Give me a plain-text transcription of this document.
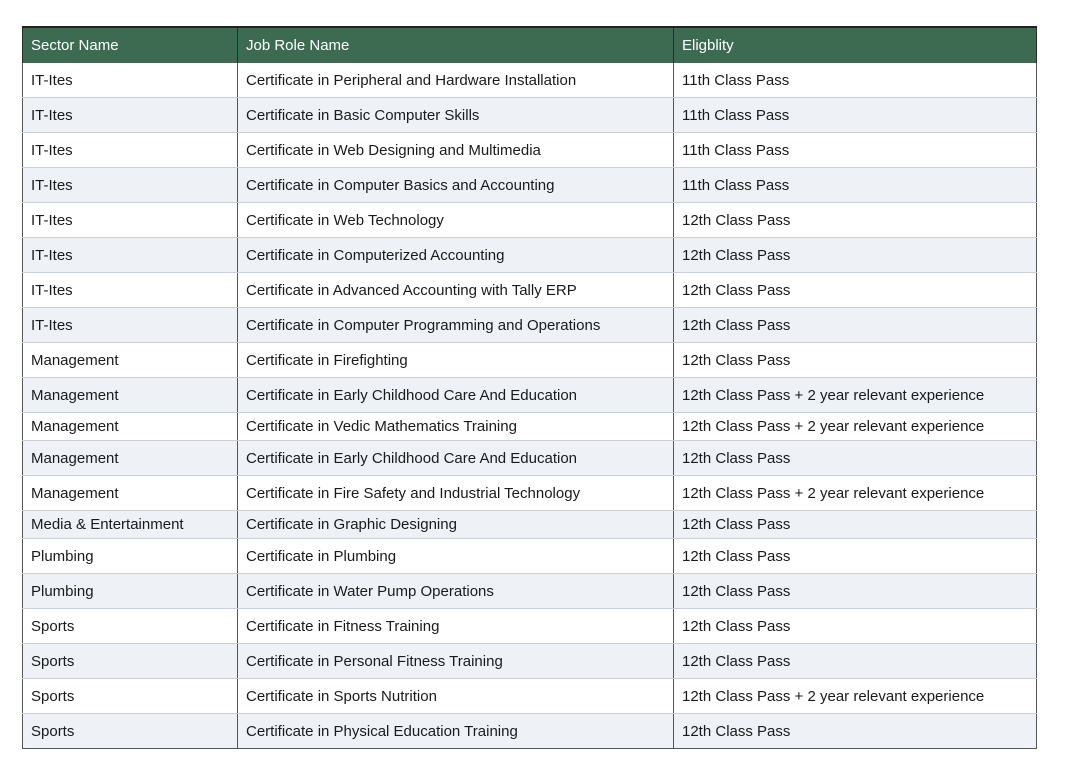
Sector Name	Job Role Name	Eligblity
IT-Ites	Certificate in Peripheral and Hardware Installation	11th Class Pass
IT-Ites	Certificate in Basic Computer Skills	11th Class Pass
IT-Ites	Certificate in Web Designing and Multimedia	11th Class Pass
IT-Ites	Certificate in Computer Basics and Accounting	11th Class Pass
IT-Ites	Certificate in Web Technology	12th Class Pass
IT-Ites	Certificate in Computerized Accounting	12th Class Pass
IT-Ites	Certificate in Advanced Accounting with Tally ERP	12th Class Pass
IT-Ites	Certificate in Computer Programming and Operations	12th Class Pass
Management	Certificate in Firefighting	12th Class Pass
Management	Certificate in Early Childhood Care And Education	12th Class Pass + 2 year relevant experience
Management	Certificate in Vedic Mathematics Training	12th Class Pass + 2 year relevant experience
Management	Certificate in Early Childhood Care And Education	12th Class Pass
Management	Certificate in Fire Safety and Industrial Technology	12th Class Pass + 2 year relevant experience
Media & Entertainment	Certificate in Graphic Designing	12th Class Pass
Plumbing	Certificate in Plumbing	12th Class Pass
Plumbing	Certificate in Water Pump Operations	12th Class Pass
Sports	Certificate in Fitness Training	12th Class Pass
Sports	Certificate in Personal Fitness Training	12th Class Pass
Sports	Certificate in Sports Nutrition	12th Class Pass + 2 year relevant experience
Sports	Certificate in Physical Education Training	12th Class Pass
